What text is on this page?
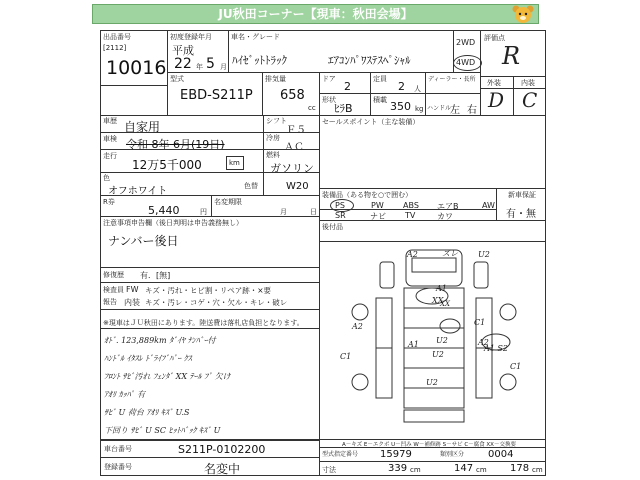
JU秋田コーナー【現車：秋田会場】
出品番号
[2112]
10016
初度登録年月
平成
22 年 5 月
車名・グレード
ﾊｲｾﾞｯﾄﾄﾗｯｸ	ｴｱｺﾝﾊﾟﾜｽﾃｽﾍﾟｼｬﾙ
2WD
4WD
評価点
R
外装	内装
D C
型式
EBD-S211P
排気量
658
cc
ドア
2
定員
2 人
ディーラー・長所
形状
ﾋﾗB
積載 350 kg ハンドル
左 右
車歴 自家用	シフト
Ｆ５
セールスポイント（主な装備）
車検 令和 8年 6月(19日)	冷房
ＡＣ
走行
12万5千000	km
燃料
ガソリン
色
オフホワイト	色替	W20
装備品（ある物を○で囲む）
PS	PW ABS エアB	AW
SR	ナビ TV	カワ
新車保証
有・無
R券
5,440	円
名変期限
月	日
後付品
注意事項申告欄（後日判明は申告義務無し）
ナンバー後日
修復歴 有．[無]
検査員
報告
FW キズ・汚れ・ヒビ割・リペア跡・×要
内装 キズ・汚レ・コゲ・穴・欠ル・キレ・破レ
※現車はＪＵ秋田にあります。陸送費は落札店負担となります。
ｵﾄﾞ. 123,889km ﾀﾞｲﾔ ﾅﾝﾊﾞｰ付
ﾊﾝﾄﾞﾙ ｲﾀｽﾚ ﾄﾞﾗｲﾌﾞﾊﾟｰ ｸｽ
ﾌﾛﾝﾄ ｻﾋﾞ汚れ ﾌｪﾝﾀﾞ XX ﾃｰﾙ ﾌﾟ 欠け
ｱｵﾘ ｶｯﾊﾟ 有
ｻﾋﾞ U 荷台 ｱｵﾘ ｷｽﾞ U.S
下回り ｻﾋﾞ U SC ﾋｯﾄﾊﾞｯｸ ｷｽﾞ U
A2	ズレ	U2
A1
XX
A2	C1
U2
A1
C1
A2
C1
A1 S2
U2
U2
XX
A－キズ E－エクボ U－凹み W－補修跡 S－サビ C－腐食 XX－交換要
車台番号	S211P-0102200
登録番号	名変中
型式指定番号 15979	類別区分 0004
寸法	339 cm	147 cm 178 cm
